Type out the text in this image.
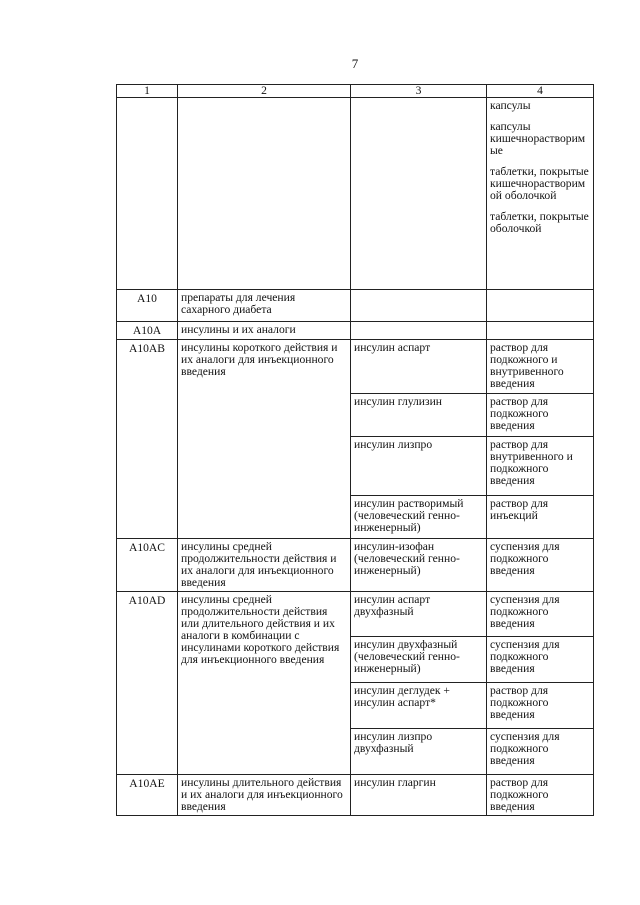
7
1	2	3	4

			капсулы

капсулы кишечнорастворимые

таблетки, покрытые кишечнорастворимой оболочкой

таблетки, покрытые оболочкой

A10	препараты для лечения сахарного диабета		
A10A	инсулины и их аналоги		
A10AB	инсулины короткого действия и их аналоги для инъекционного введения	инсулин аспарт	раствор для подкожного и внутривенного введения
		инсулин глулизин	раствор для подкожного введения
		инсулин лизпро	раствор для внутривенного и подкожного введения
		инсулин растворимый (человеческий генно-инженерный)	раствор для инъекций
A10AC	инсулины средней продолжительности действия и их аналоги для инъекционного введения	инсулин-изофан (человеческий генно-инженерный)	суспензия для подкожного введения
A10AD	инсулины средней продолжительности действия или длительного действия и их аналоги в комбинации с инсулинами короткого действия для инъекционного введения	инсулин аспарт двухфазный	суспензия для подкожного введения
		инсулин двухфазный (человеческий генно-инженерный)	суспензия для подкожного введения
		инсулин деглудек + инсулин аспарт*	раствор для подкожного введения
		инсулин лизпро двухфазный	суспензия для подкожного введения
A10AE	инсулины длительного действия и их аналоги для инъекционного введения	инсулин гларгин	раствор для подкожного введения
